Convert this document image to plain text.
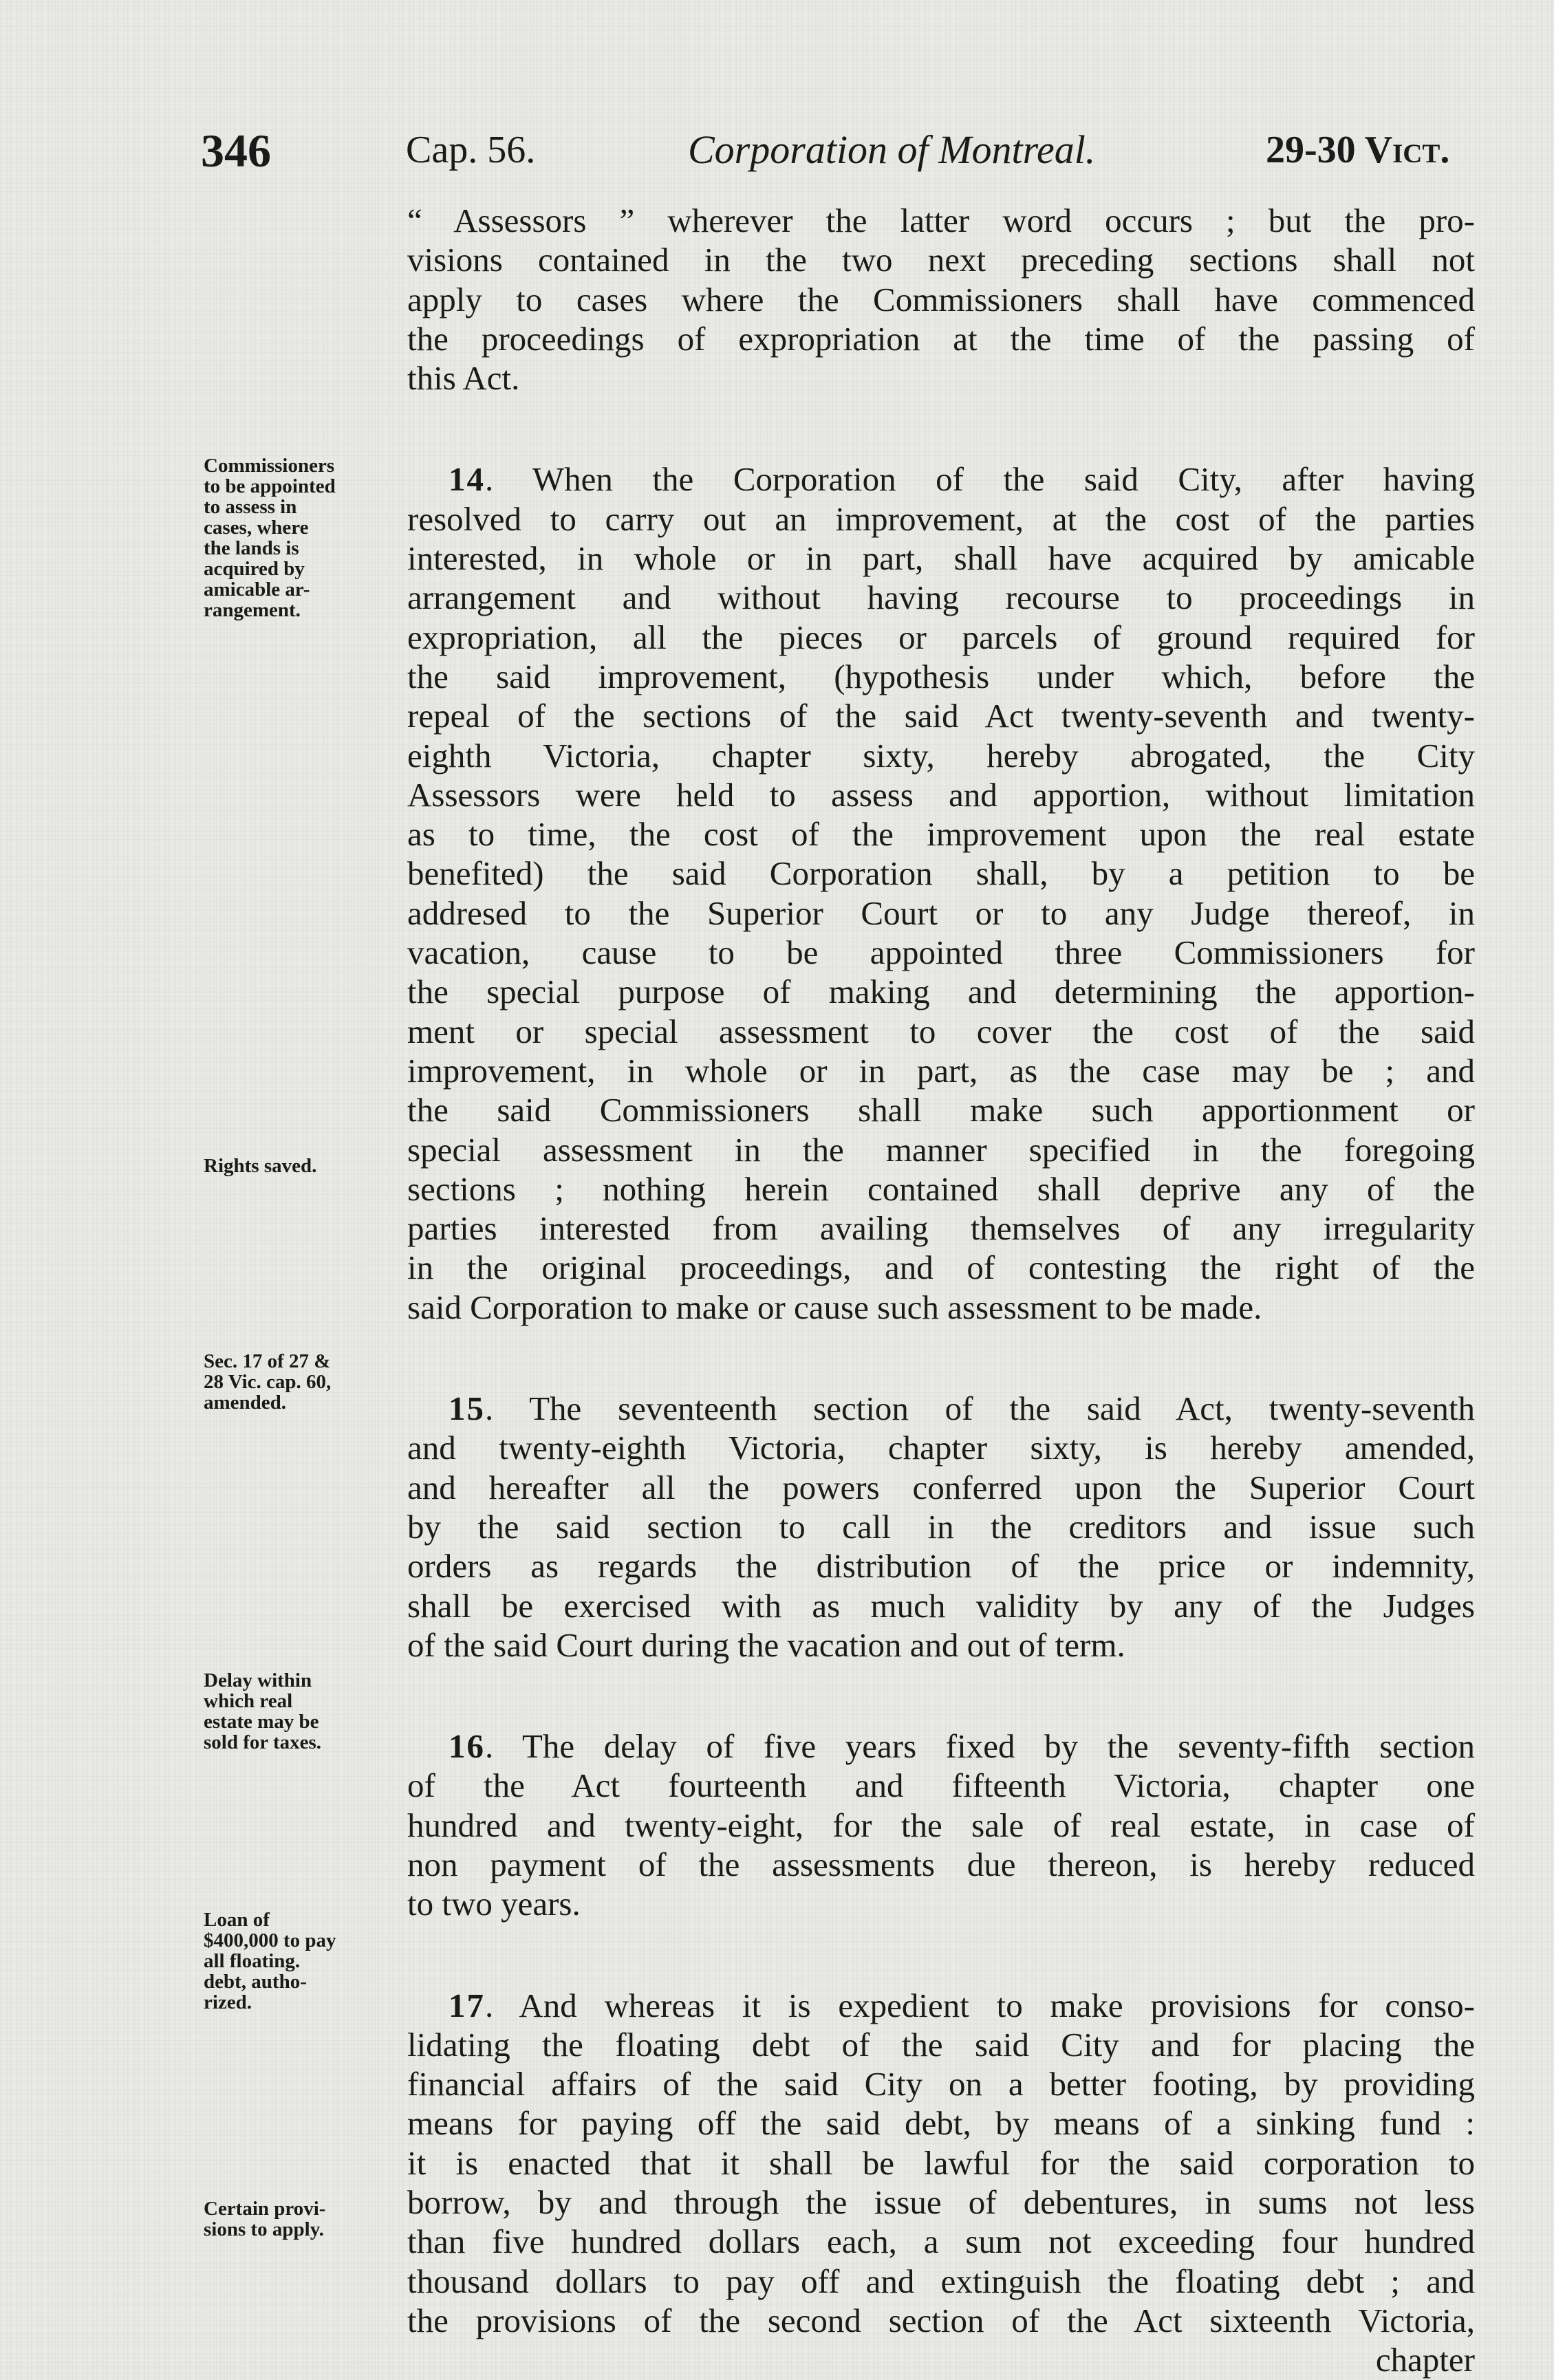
346	Cap. 56.	Corporation of Montreal.	29-30 Vict.
“ Assessors ” wherever the latter word occurs ; but the pro-
visions contained in the two next preceding sections shall not
apply to cases where the Commissioners shall have commenced
the proceedings of expropriation at the time of the passing of
this Act.
14. When the Corporation of the said City, after having
resolved to carry out an improvement, at the cost of the parties
interested, in whole or in part, shall have acquired by amicable
arrangement and without having recourse to proceedings in
expropriation, all the pieces or parcels of ground required for
the said improvement, (hypothesis under which, before the
repeal of the sections of the said Act twenty-seventh and twenty-
eighth Victoria, chapter sixty, hereby abrogated, the City
Assessors were held to assess and apportion, without limitation
as to time, the cost of the improvement upon the real estate
benefited) the said Corporation shall, by a petition to be
addresed to the Superior Court or to any Judge thereof, in
vacation, cause to be appointed three Commissioners for
the special purpose of making and determining the apportion-
ment or special assessment to cover the cost of the said
improvement, in whole or in part, as the case may be ; and
the said Commissioners shall make such apportionment or
special assessment in the manner specified in the foregoing
sections ; nothing herein contained shall deprive any of the
parties interested from availing themselves of any irregularity
in the original proceedings, and of contesting the right of the
said Corporation to make or cause such assessment to be made.
15. The seventeenth section of the said Act, twenty-seventh
and twenty-eighth Victoria, chapter sixty, is hereby amended,
and hereafter all the powers conferred upon the Superior Court
by the said section to call in the creditors and issue such
orders as regards the distribution of the price or indemnity,
shall be exercised with as much validity by any of the Judges
of the said Court during the vacation and out of term.
16. The delay of five years fixed by the seventy-fifth section
of the Act fourteenth and fifteenth Victoria, chapter one
hundred and twenty-eight, for the sale of real estate, in case of
non payment of the assessments due thereon, is hereby reduced
to two years.
17. And whereas it is expedient to make provisions for conso-
lidating the floating debt of the said City and for placing the
financial affairs of the said City on a better footing, by providing
means for paying off the said debt, by means of a sinking fund :
it is enacted that it shall be lawful for the said corporation to
borrow, by and through the issue of debentures, in sums not less
than five hundred dollars each, a sum not exceeding four hundred
thousand dollars to pay off and extinguish the floating debt ; and
the provisions of the second section of the Act sixteenth Victoria,
chapter
Commissioners
to be appointed
to assess in
cases, where
the lands is
acquired by
amicable ar-
rangement.
Rights saved.
Sec. 17 of 27 &
28 Vic. cap. 60,
amended.
Delay within
which real
estate may be
sold for taxes.
Loan of
$400,000 to pay
all floating.
debt, autho-
rized.
Certain provi-
sions to apply.
